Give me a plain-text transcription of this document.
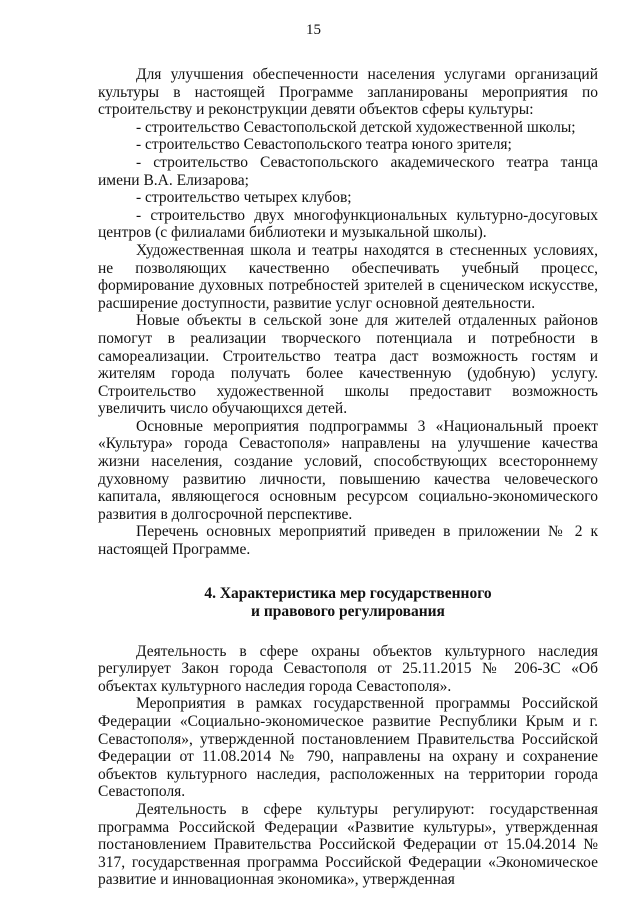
15

Для улучшения обеспеченности населения услугами организаций культуры в настоящей Программе запланированы мероприятия по строительству и реконструкции девяти объектов сферы культуры:

- строительство Севастопольской детской художественной школы;

- строительство Севастопольского театра юного зрителя;

- строительство Севастопольского академического театра танца имени В.А. Елизарова;

- строительство четырех клубов;

- строительство двух многофункциональных культурно-досуговых центров (с филиалами библиотеки и музыкальной школы).

Художественная школа и театры находятся в стесненных условиях, не позволяющих качественно обеспечивать учебный процесс, формирование духовных потребностей зрителей в сценическом искусстве, расширение доступности, развитие услуг основной деятельности.

Новые объекты в сельской зоне для жителей отдаленных районов помогут в реализации творческого потенциала и потребности в самореализации. Строительство театра даст возможность гостям и жителям города получать более качественную (удобную) услугу. Строительство художественной школы предоставит возможность увеличить число обучающихся детей.

Основные мероприятия подпрограммы 3 «Национальный проект «Культура» города Севастополя» направлены на улучшение качества жизни населения, создание условий, способствующих всестороннему духовному развитию личности, повышению качества человеческого капитала, являющегося основным ресурсом социально-экономического развития в долгосрочной перспективе.

Перечень основных мероприятий приведен в приложении № 2 к настоящей Программе.

4. Характеристика мер государственного
и правового регулирования

Деятельность в сфере охраны объектов культурного наследия регулирует Закон города Севастополя от 25.11.2015 № 206-ЗС «Об объектах культурного наследия города Севастополя».

Мероприятия в рамках государственной программы Российской Федерации «Социально-экономическое развитие Республики Крым и г. Севастополя», утвержденной постановлением Правительства Российской Федерации от 11.08.2014 № 790, направлены на охрану и сохранение объектов культурного наследия, расположенных на территории города Севастополя.

Деятельность в сфере культуры регулируют: государственная программа Российской Федерации «Развитие культуры», утвержденная постановлением Правительства Российской Федерации от 15.04.2014 № 317, государственная программа Российской Федерации «Экономическое развитие и инновационная экономика», утвержденная
